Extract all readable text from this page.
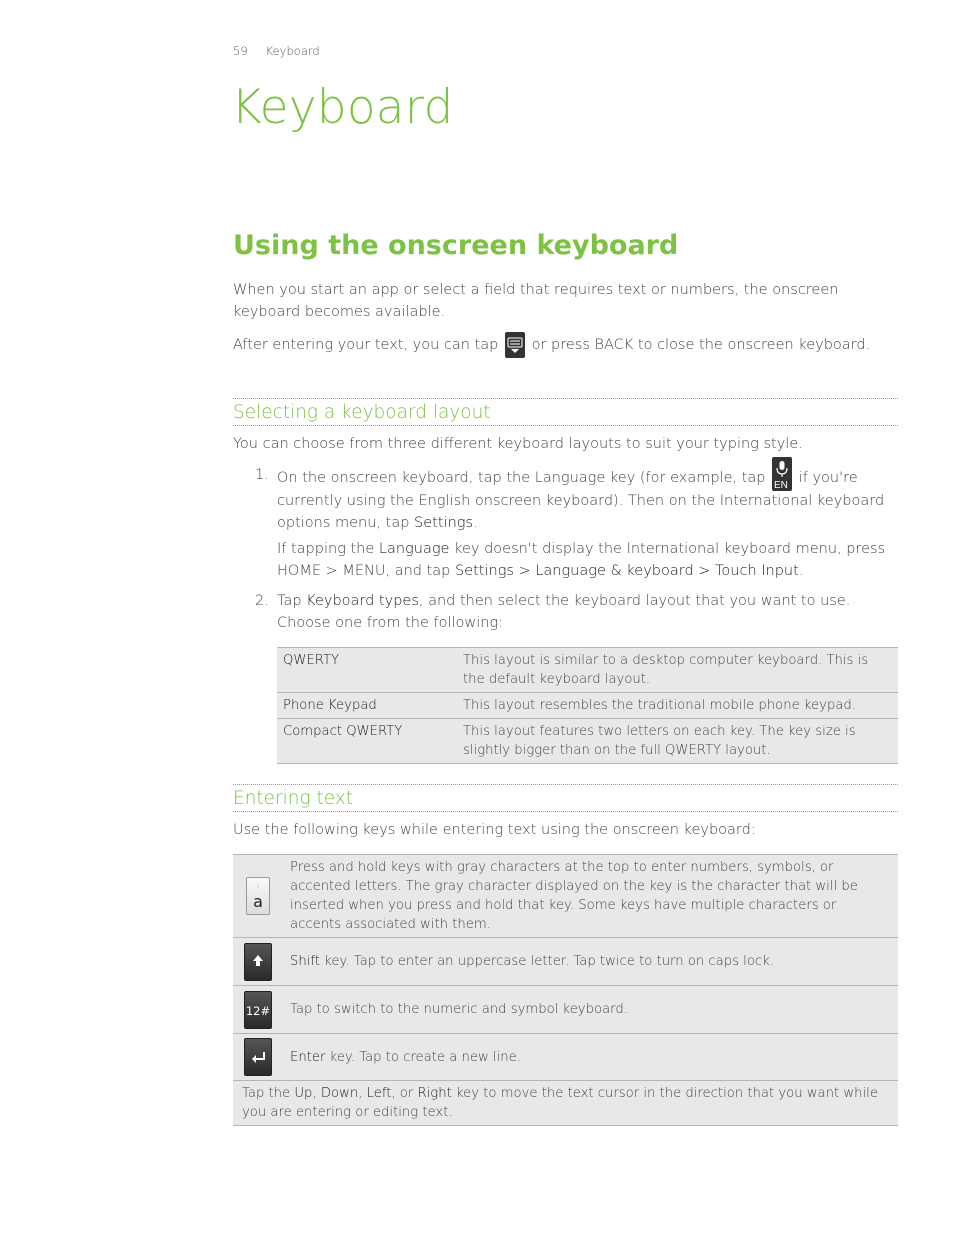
59 Keyboard
Keyboard
Using the onscreen keyboard
When you start an app or select a field that requires text or numbers, the onscreen keyboard becomes available.
After entering your text, you can tap or press BACK to close the onscreen keyboard.
Selecting a keyboard layout
You can choose from three different keyboard layouts to suit your typing style.
1. On the onscreen keyboard, tap the Language key (for example, tap EN if you're currently using the English onscreen keyboard). Then on the International keyboard options menu, tap Settings.
If tapping the Language key doesn't display the International keyboard menu, press HOME > MENU, and tap Settings > Language & keyboard > Touch Input.
2. Tap Keyboard types, and then select the keyboard layout that you want to use. Choose one from the following:
QWERTY	This layout is similar to a desktop computer keyboard. This is the default keyboard layout.
Phone Keypad	This layout resembles the traditional mobile phone keypad.
Compact QWERTY	This layout features two letters on each key. The key size is slightly bigger than on the full QWERTY layout.
Entering text
Use the following keys while entering text using the onscreen keyboard:
!
a	Press and hold keys with gray characters at the top to enter numbers, symbols, or accented letters. The gray character displayed on the key is the character that will be inserted when you press and hold that key. Some keys have multiple characters or accents associated with them.
	Shift key. Tap to enter an uppercase letter. Tap twice to turn on caps lock.

12#	Tap to switch to the numeric and symbol keyboard.
	Enter key. Tap to create a new line.
Tap the Up, Down, Left, or Right key to move the text cursor in the direction that you want while you are entering or editing text.	
